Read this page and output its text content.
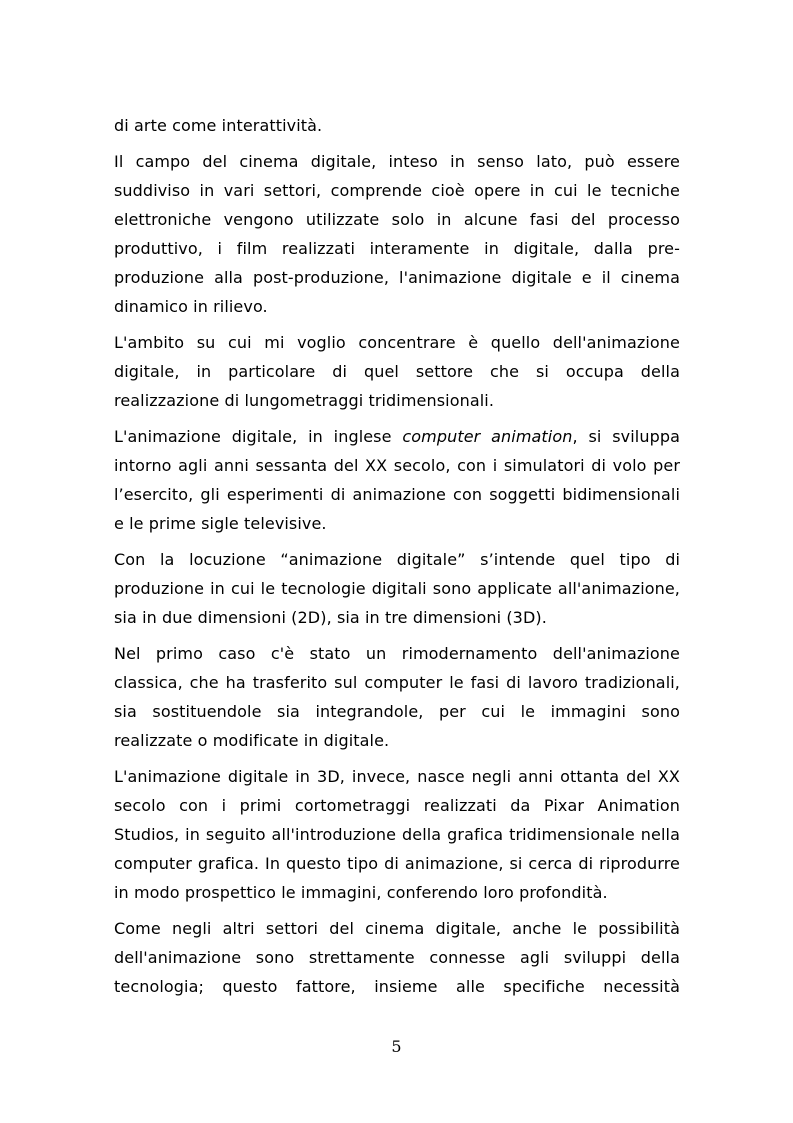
di arte come interattività.

Il campo del cinema digitale, inteso in senso lato, può essere suddiviso in vari settori, comprende cioè opere in cui le tecniche elettroniche vengono utilizzate solo in alcune fasi del processo produttivo, i film realizzati interamente in digitale, dalla pre-produzione alla post-produzione, l'animazione digitale e il cinema dinamico in rilievo.

L'ambito su cui mi voglio concentrare è quello dell'animazione digitale, in particolare di quel settore che si occupa della realizzazione di lungometraggi tridimensionali.

L'animazione digitale, in inglese computer animation, si sviluppa intorno agli anni sessanta del XX secolo, con i simulatori di volo per l’esercito, gli esperimenti di animazione con soggetti bidimensionali e le prime sigle televisive.

Con la locuzione “animazione digitale” s’intende quel tipo di produzione in cui le tecnologie digitali sono applicate all'animazione, sia in due dimensioni (2D), sia in tre dimensioni (3D).

Nel primo caso c'è stato un rimodernamento dell'animazione classica, che ha trasferito sul computer le fasi di lavoro tradizionali, sia sostituendole sia integrandole, per cui le immagini sono realizzate o modificate in digitale.

L'animazione digitale in 3D, invece, nasce negli anni ottanta del XX secolo con i primi cortometraggi realizzati da Pixar Animation Studios, in seguito all'introduzione della grafica tridimensionale nella computer grafica. In questo tipo di animazione, si cerca di riprodurre in modo prospettico le immagini, conferendo loro profondità.

Come negli altri settori del cinema digitale, anche le possibilità dell'animazione sono strettamente connesse agli sviluppi della tecnologia; questo fattore, insieme alle specifiche necessità

5
